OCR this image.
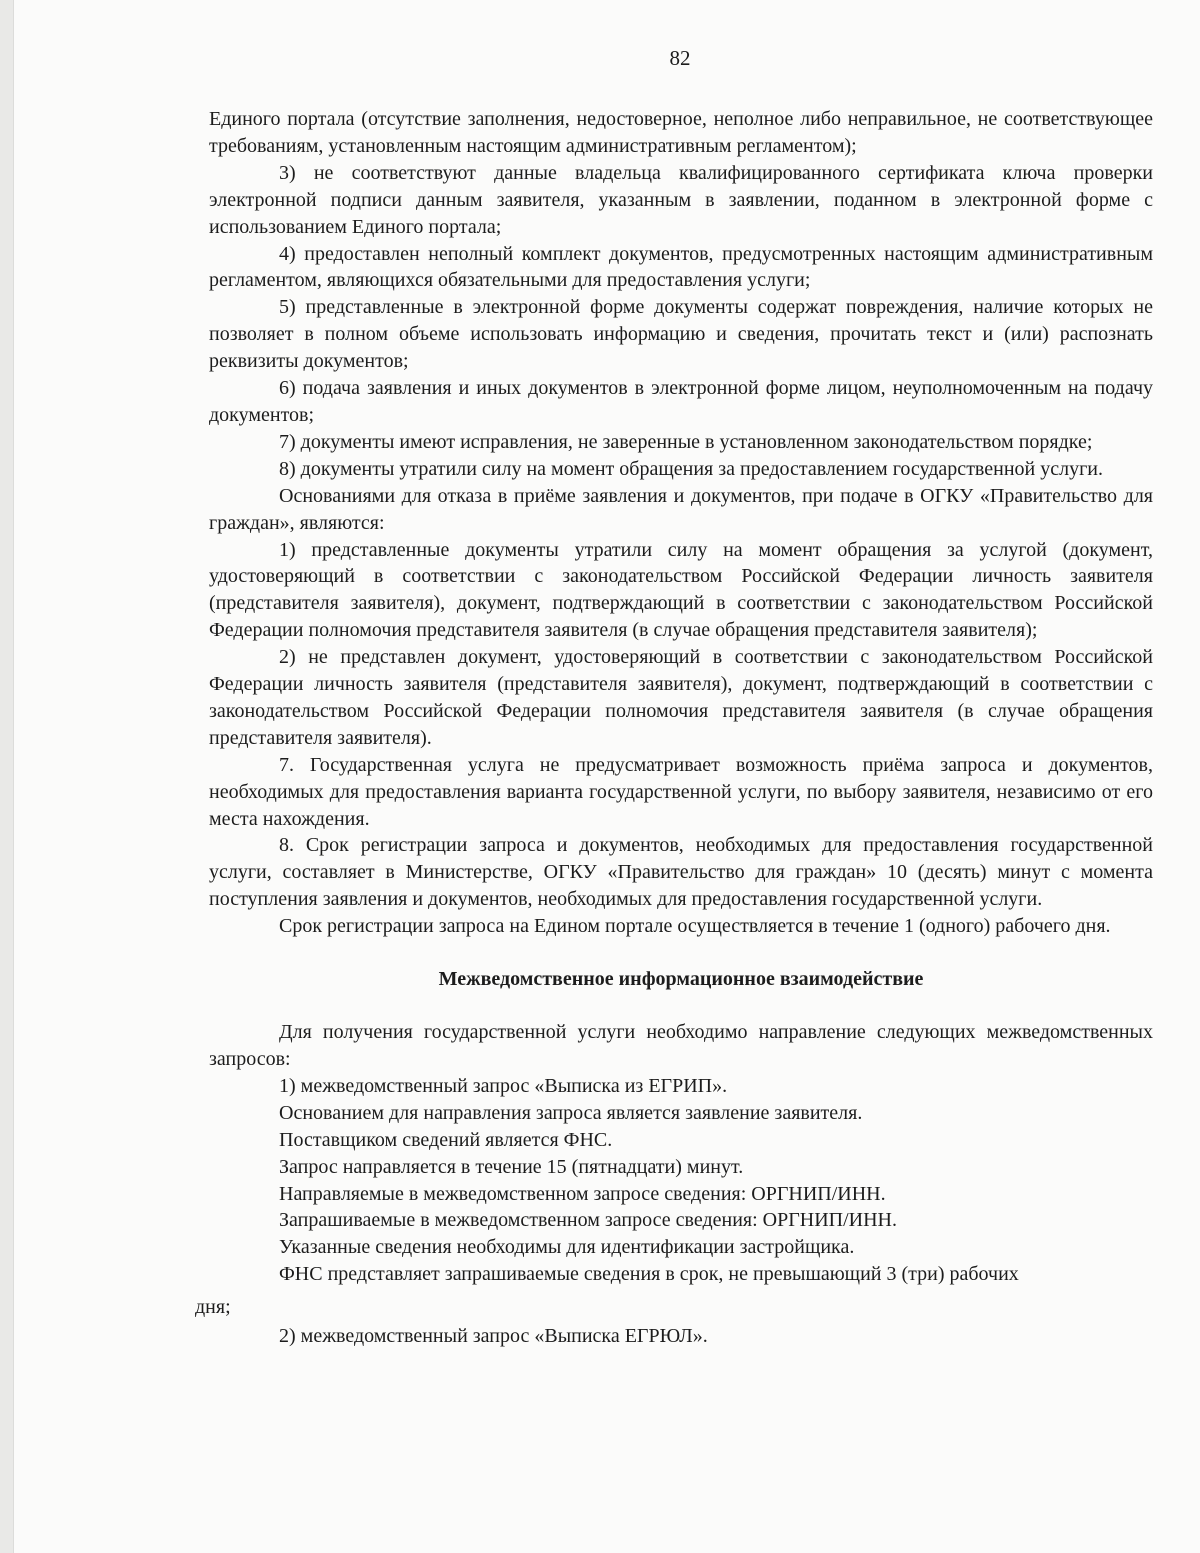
82

Единого портала (отсутствие заполнения, недостоверное, неполное либо неправильное, не соответствующее требованиям, установленным настоящим административным регламентом);

3) не соответствуют данные владельца квалифицированного сертификата ключа проверки электронной подписи данным заявителя, указанным в заявлении, поданном в электронной форме с использованием Единого портала;

4) предоставлен неполный комплект документов, предусмотренных настоящим административным регламентом, являющихся обязательными для предоставления услуги;

5) представленные в электронной форме документы содержат повреждения, наличие которых не позволяет в полном объеме использовать информацию и сведения, прочитать текст и (или) распознать реквизиты документов;

6) подача заявления и иных документов в электронной форме лицом, неуполномоченным на подачу документов;

7) документы имеют исправления, не заверенные в установленном законодательством порядке;

8) документы утратили силу на момент обращения за предоставлением государственной услуги.

Основаниями для отказа в приёме заявления и документов, при подаче в ОГКУ «Правительство для граждан», являются:

1) представленные документы утратили силу на момент обращения за услугой (документ, удостоверяющий в соответствии с законодательством Российской Федерации личность заявителя (представителя заявителя), документ, подтверждающий в соответствии с законодательством Российской Федерации полномочия представителя заявителя (в случае обращения представителя заявителя);

2) не представлен документ, удостоверяющий в соответствии с законодательством Российской Федерации личность заявителя (представителя заявителя), документ, подтверждающий в соответствии с законодательством Российской Федерации полномочия представителя заявителя (в случае обращения представителя заявителя).

7. Государственная услуга не предусматривает возможность приёма запроса и документов, необходимых для предоставления варианта государственной услуги, по выбору заявителя, независимо от его места нахождения.

8. Срок регистрации запроса и документов, необходимых для предоставления государственной услуги, составляет в Министерстве, ОГКУ «Правительство для граждан» 10 (десять) минут с момента поступления заявления и документов, необходимых для предоставления государственной услуги.

Срок регистрации запроса на Едином портале осуществляется в течение 1 (одного) рабочего дня.

Межведомственное информационное взаимодействие

Для получения государственной услуги необходимо направление следующих межведомственных запросов:

1) межведомственный запрос «Выписка из ЕГРИП».

Основанием для направления запроса является заявление заявителя.

Поставщиком сведений является ФНС.

Запрос направляется в течение 15 (пятнадцати) минут.

Направляемые в межведомственном запросе сведения: ОРГНИП/ИНН.

Запрашиваемые в межведомственном запросе сведения: ОРГНИП/ИНН.

Указанные сведения необходимы для идентификации застройщика.

ФНС представляет запрашиваемые сведения в срок, не превышающий 3 (три) рабочих

дня;

2) межведомственный запрос «Выписка ЕГРЮЛ».
